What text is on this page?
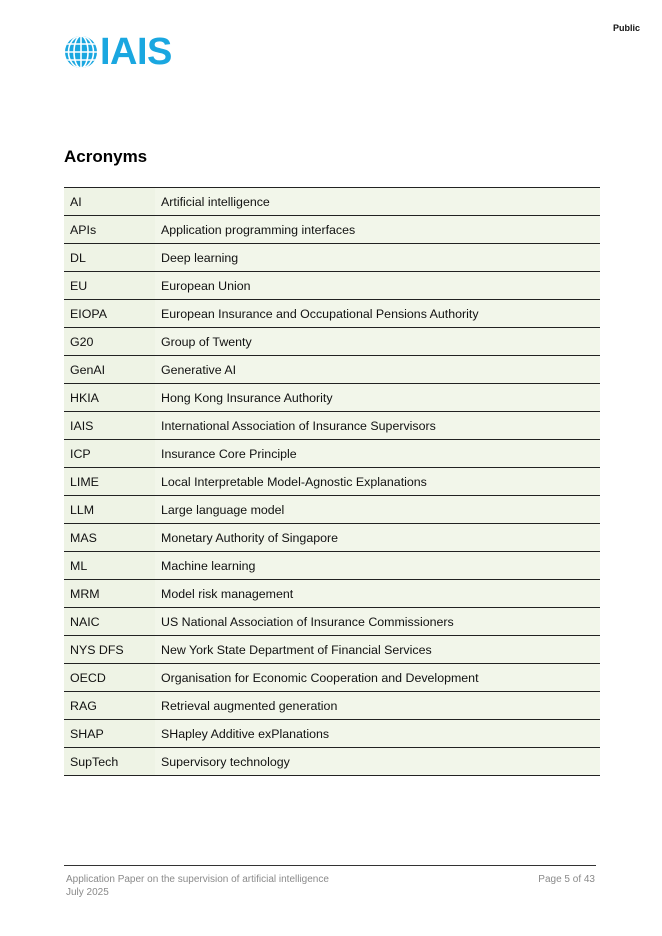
Public
IAIS
Acronyms
AI	Artificial intelligence
APIs	Application programming interfaces
DL	Deep learning
EU	European Union
EIOPA	European Insurance and Occupational Pensions Authority
G20	Group of Twenty
GenAI	Generative AI
HKIA	Hong Kong Insurance Authority
IAIS	International Association of Insurance Supervisors
ICP	Insurance Core Principle
LIME	Local Interpretable Model-Agnostic Explanations
LLM	Large language model
MAS	Monetary Authority of Singapore
ML	Machine learning
MRM	Model risk management
NAIC	US National Association of Insurance Commissioners
NYS DFS	New York State Department of Financial Services
OECD	Organisation for Economic Cooperation and Development
RAG	Retrieval augmented generation
SHAP	SHapley Additive exPlanations
SupTech	Supervisory technology
Application Paper on the supervision of artificial intelligence
July 2025
Page 5 of 43
